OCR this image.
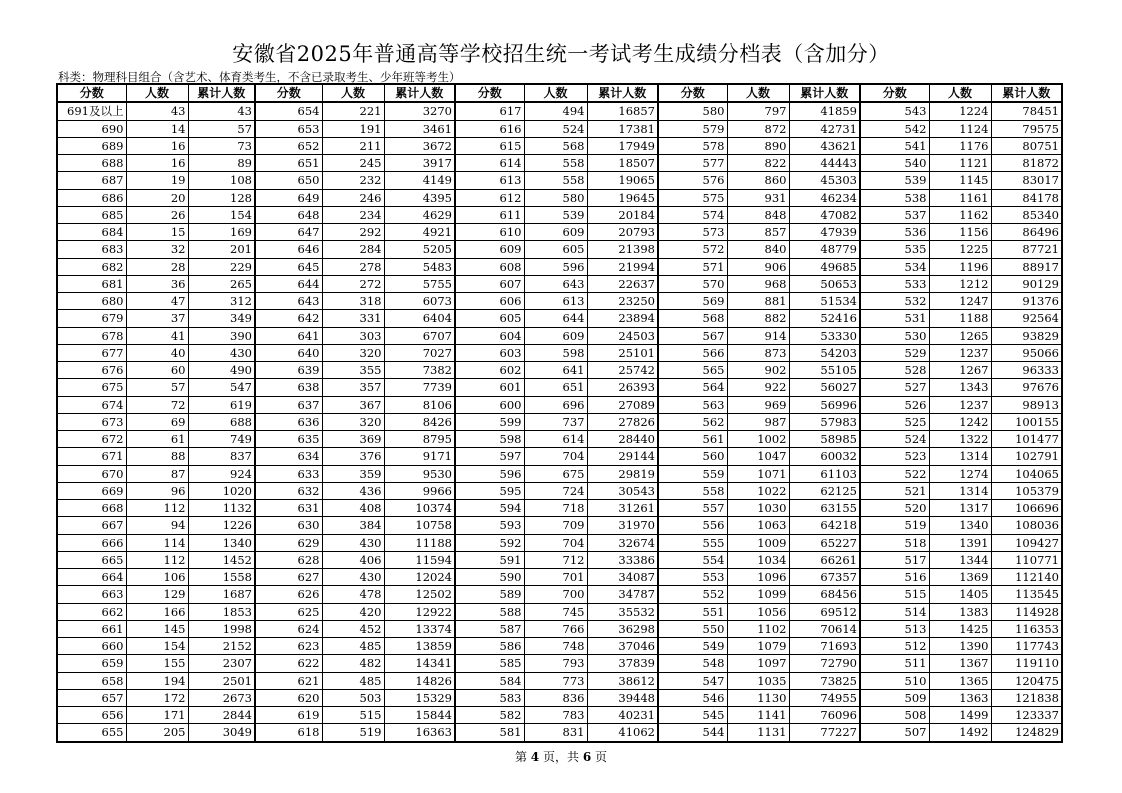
安徽省2025年普通高等学校招生统一考试考生成绩分档表（含加分）
科类：物理科目组合（含艺术、体育类考生，不含已录取考生、少年班等考生）
分数	人数	累计人数	分数	人数	累计人数	分数	人数	累计人数	分数	人数	累计人数	分数	人数	累计人数
691及以上	43	43	654	221	3270	617	494	16857	580	797	41859	543	1224	78451
690	14	57	653	191	3461	616	524	17381	579	872	42731	542	1124	79575
689	16	73	652	211	3672	615	568	17949	578	890	43621	541	1176	80751
688	16	89	651	245	3917	614	558	18507	577	822	44443	540	1121	81872
687	19	108	650	232	4149	613	558	19065	576	860	45303	539	1145	83017
686	20	128	649	246	4395	612	580	19645	575	931	46234	538	1161	84178
685	26	154	648	234	4629	611	539	20184	574	848	47082	537	1162	85340
684	15	169	647	292	4921	610	609	20793	573	857	47939	536	1156	86496
683	32	201	646	284	5205	609	605	21398	572	840	48779	535	1225	87721
682	28	229	645	278	5483	608	596	21994	571	906	49685	534	1196	88917
681	36	265	644	272	5755	607	643	22637	570	968	50653	533	1212	90129
680	47	312	643	318	6073	606	613	23250	569	881	51534	532	1247	91376
679	37	349	642	331	6404	605	644	23894	568	882	52416	531	1188	92564
678	41	390	641	303	6707	604	609	24503	567	914	53330	530	1265	93829
677	40	430	640	320	7027	603	598	25101	566	873	54203	529	1237	95066
676	60	490	639	355	7382	602	641	25742	565	902	55105	528	1267	96333
675	57	547	638	357	7739	601	651	26393	564	922	56027	527	1343	97676
674	72	619	637	367	8106	600	696	27089	563	969	56996	526	1237	98913
673	69	688	636	320	8426	599	737	27826	562	987	57983	525	1242	100155
672	61	749	635	369	8795	598	614	28440	561	1002	58985	524	1322	101477
671	88	837	634	376	9171	597	704	29144	560	1047	60032	523	1314	102791
670	87	924	633	359	9530	596	675	29819	559	1071	61103	522	1274	104065
669	96	1020	632	436	9966	595	724	30543	558	1022	62125	521	1314	105379
668	112	1132	631	408	10374	594	718	31261	557	1030	63155	520	1317	106696
667	94	1226	630	384	10758	593	709	31970	556	1063	64218	519	1340	108036
666	114	1340	629	430	11188	592	704	32674	555	1009	65227	518	1391	109427
665	112	1452	628	406	11594	591	712	33386	554	1034	66261	517	1344	110771
664	106	1558	627	430	12024	590	701	34087	553	1096	67357	516	1369	112140
663	129	1687	626	478	12502	589	700	34787	552	1099	68456	515	1405	113545
662	166	1853	625	420	12922	588	745	35532	551	1056	69512	514	1383	114928
661	145	1998	624	452	13374	587	766	36298	550	1102	70614	513	1425	116353
660	154	2152	623	485	13859	586	748	37046	549	1079	71693	512	1390	117743
659	155	2307	622	482	14341	585	793	37839	548	1097	72790	511	1367	119110
658	194	2501	621	485	14826	584	773	38612	547	1035	73825	510	1365	120475
657	172	2673	620	503	15329	583	836	39448	546	1130	74955	509	1363	121838
656	171	2844	619	515	15844	582	783	40231	545	1141	76096	508	1499	123337
655	205	3049	618	519	16363	581	831	41062	544	1131	77227	507	1492	124829
第 4 页，共 6 页
